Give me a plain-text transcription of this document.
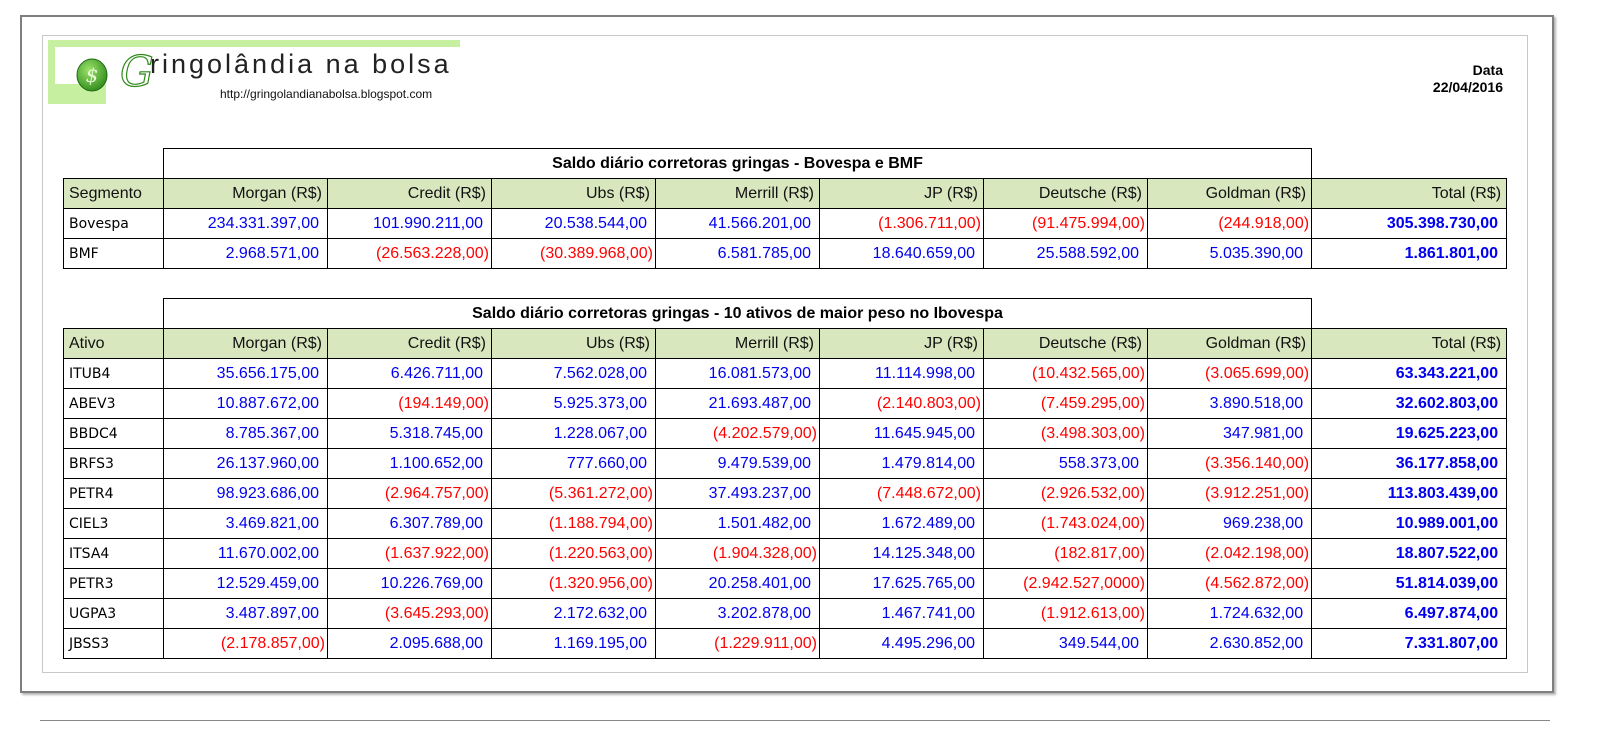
$ G
ringolândia na bolsa
http://gringolandianabolsa.blogspot.com
Data
22/04/2016
	Saldo diário corretoras gringas - Bovespa e BMF							
Segmento	Morgan (R$)	Credit (R$)	Ubs (R$)	Merrill (R$)	JP (R$)	Deutsche (R$)	Goldman (R$)	Total (R$)
Bovespa	234.331.397,00	101.990.211,00	20.538.544,00	41.566.201,00	(1.306.711,00)	(91.475.994,00)	(244.918,00)	305.398.730,00
BMF	2.968.571,00	(26.563.228,00)	(30.389.968,00)	6.581.785,00	18.640.659,00	25.588.592,00	5.035.390,00	1.861.801,00
	Saldo diário corretoras gringas - 10 ativos de maior peso no Ibovespa							
Ativo	Morgan (R$)	Credit (R$)	Ubs (R$)	Merrill (R$)	JP (R$)	Deutsche (R$)	Goldman (R$)	Total (R$)
ITUB4	35.656.175,00	6.426.711,00	7.562.028,00	16.081.573,00	11.114.998,00	(10.432.565,00)	(3.065.699,00)	63.343.221,00
ABEV3	10.887.672,00	(194.149,00)	5.925.373,00	21.693.487,00	(2.140.803,00)	(7.459.295,00)	3.890.518,00	32.602.803,00
BBDC4	8.785.367,00	5.318.745,00	1.228.067,00	(4.202.579,00)	11.645.945,00	(3.498.303,00)	347.981,00	19.625.223,00
BRFS3	26.137.960,00	1.100.652,00	777.660,00	9.479.539,00	1.479.814,00	558.373,00	(3.356.140,00)	36.177.858,00
PETR4	98.923.686,00	(2.964.757,00)	(5.361.272,00)	37.493.237,00	(7.448.672,00)	(2.926.532,00)	(3.912.251,00)	113.803.439,00
CIEL3	3.469.821,00	6.307.789,00	(1.188.794,00)	1.501.482,00	1.672.489,00	(1.743.024,00)	969.238,00	10.989.001,00
ITSA4	11.670.002,00	(1.637.922,00)	(1.220.563,00)	(1.904.328,00)	14.125.348,00	(182.817,00)	(2.042.198,00)	18.807.522,00
PETR3	12.529.459,00	10.226.769,00	(1.320.956,00)	20.258.401,00	17.625.765,00	(2.942.527,0000)	(4.562.872,00)	51.814.039,00
UGPA3	3.487.897,00	(3.645.293,00)	2.172.632,00	3.202.878,00	1.467.741,00	(1.912.613,00)	1.724.632,00	6.497.874,00
JBSS3	(2.178.857,00)	2.095.688,00	1.169.195,00	(1.229.911,00)	4.495.296,00	349.544,00	2.630.852,00	7.331.807,00
